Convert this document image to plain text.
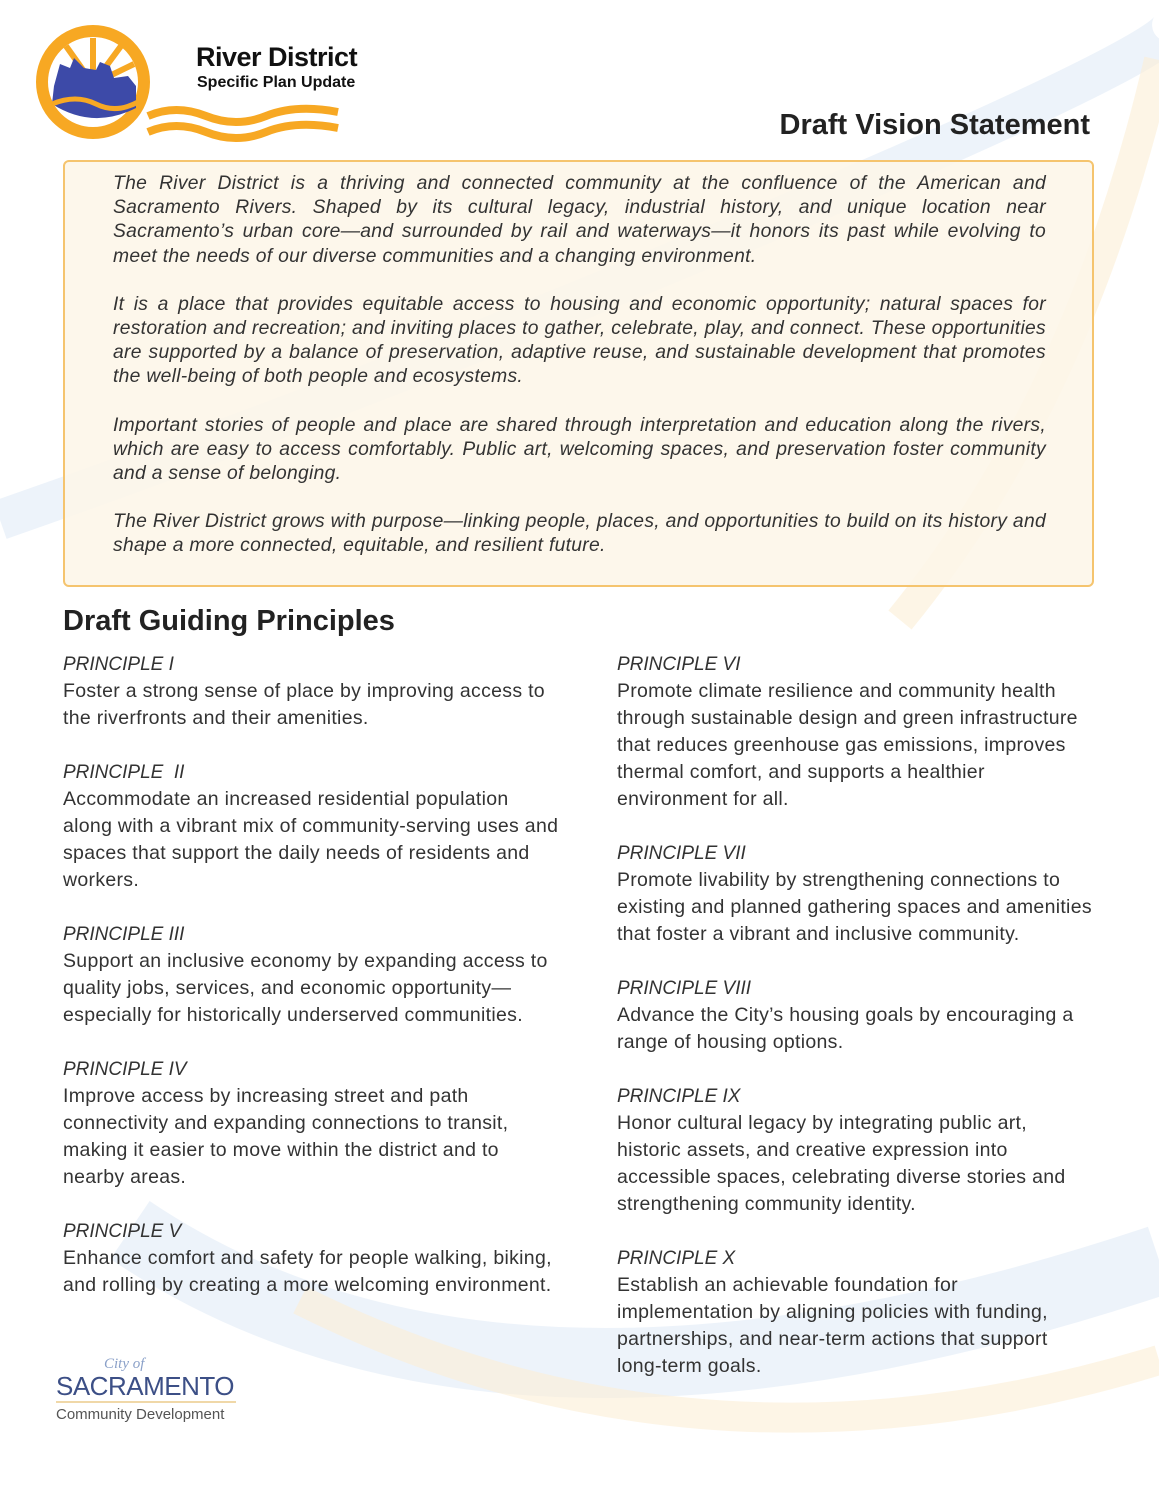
River District
Specific Plan Update
Draft Vision Statement

The River District is a thriving and connected community at the confluence of the American and Sacramento Rivers. Shaped by its cultural legacy, industrial history, and unique location near Sacramento’s urban core—and surrounded by rail and waterways—it honors its past while evolving to meet the needs of our diverse communities and a changing environment.

It is a place that provides equitable access to housing and economic opportunity; natural spaces for restoration and recreation; and inviting places to gather, celebrate, play, and connect. These opportunities are supported by a balance of preservation, adaptive reuse, and sustainable development that promotes the well-being of both people and ecosystems.

Important stories of people and place are shared through interpretation and education along the rivers, which are easy to access comfortably. Public art, welcoming spaces, and preservation foster community and a sense of belonging.

The River District grows with purpose—linking people, places, and opportunities to build on its history and shape a more connected, equitable, and resilient future.

Draft Guiding Principles
PRINCIPLE I
Foster a strong sense of place by improving access to the riverfronts and their amenities.
PRINCIPLE  II
Accommodate an increased residential population along with a vibrant mix of community-serving uses and spaces that support the daily needs of residents and workers.
PRINCIPLE III
Support an inclusive economy by expanding access to quality jobs, services, and economic opportunity—especially for historically underserved communities.
PRINCIPLE IV
Improve access by increasing street and path connectivity and expanding connections to transit, making it easier to move within the district and to nearby areas.
PRINCIPLE V
Enhance comfort and safety for people walking, biking, and rolling by creating a more welcoming environment.
City of
SACRAMENTO
Community Development
PRINCIPLE VI
Promote climate resilience and community health through sustainable design and green infrastructure that reduces greenhouse gas emissions, improves thermal comfort, and supports a healthier environment for all.
PRINCIPLE VII
Promote livability by strengthening connections to existing and planned gathering spaces and amenities that foster a vibrant and inclusive community.
PRINCIPLE VIII
Advance the City’s housing goals by encouraging a range of housing options.
PRINCIPLE IX
Honor cultural legacy by integrating public art, historic assets, and creative expression into accessible spaces, celebrating diverse stories and strengthening community identity.
PRINCIPLE X
Establish an achievable foundation for implementation by aligning policies with funding, partnerships, and near-term actions that support long-term goals.
